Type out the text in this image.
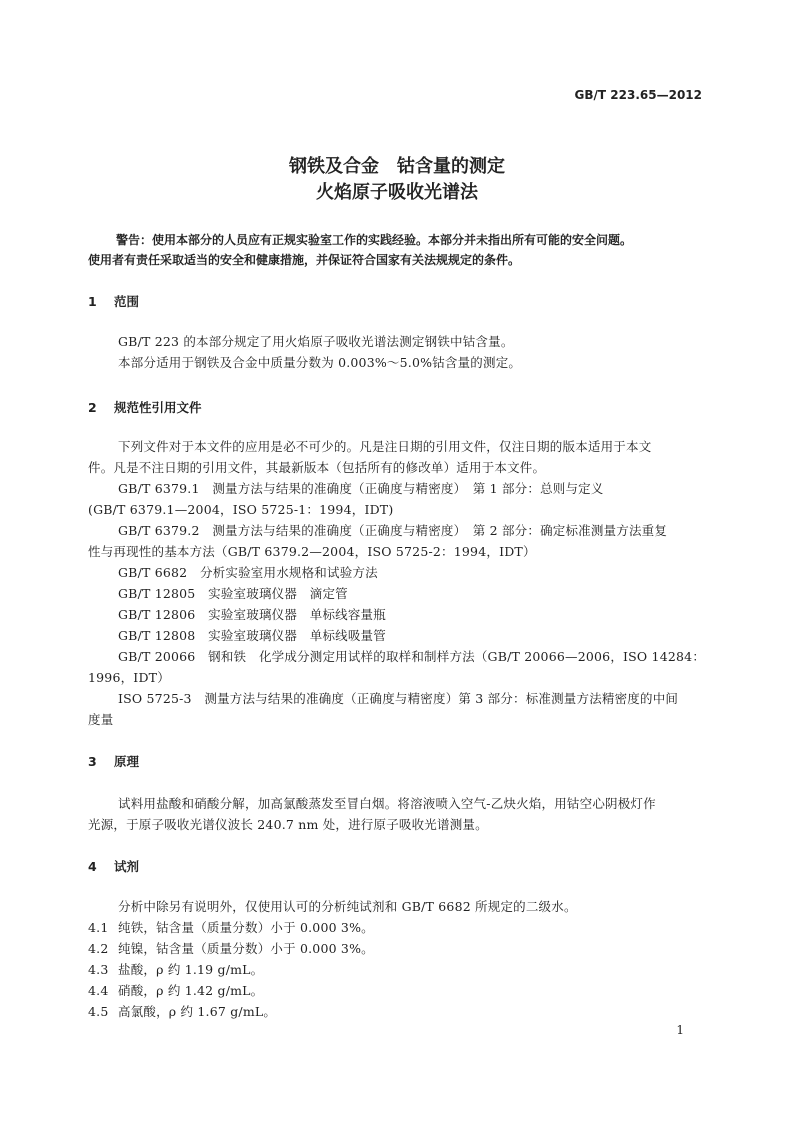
GB/T 223.65—2012
钢铁及合金　钴含量的测定
火焰原子吸收光谱法
警告：使用本部分的人员应有正规实验室工作的实践经验。本部分并未指出所有可能的安全问题。
使用者有责任采取适当的安全和健康措施，并保证符合国家有关法规规定的条件。
1 范围
GB/T 223 的本部分规定了用火焰原子吸收光谱法测定钢铁中钴含量。
本部分适用于钢铁及合金中质量分数为 0.003%～5.0%钴含量的测定。
2 规范性引用文件
下列文件对于本文件的应用是必不可少的。凡是注日期的引用文件，仅注日期的版本适用于本文
件。凡是不注日期的引用文件，其最新版本（包括所有的修改单）适用于本文件。
GB/T 6379.1　测量方法与结果的准确度（正确度与精密度）　第 1 部分：总则与定义
(GB/T 6379.1—2004，ISO 5725-1：1994，IDT)
GB/T 6379.2　测量方法与结果的准确度（正确度与精密度）　第 2 部分：确定标准测量方法重复
性与再现性的基本方法（GB/T 6379.2—2004，ISO 5725-2：1994，IDT）
GB/T 6682　分析实验室用水规格和试验方法
GB/T 12805　实验室玻璃仪器　滴定管
GB/T 12806　实验室玻璃仪器　单标线容量瓶
GB/T 12808　实验室玻璃仪器　单标线吸量管
GB/T 20066　钢和铁　化学成分测定用试样的取样和制样方法（GB/T 20066—2006，ISO 14284：
1996，IDT）
ISO 5725-3　测量方法与结果的准确度（正确度与精密度）第 3 部分：标准测量方法精密度的中间
度量
3 原理
试料用盐酸和硝酸分解，加高氯酸蒸发至冒白烟。将溶液喷入空气-乙炔火焰，用钴空心阴极灯作
光源，于原子吸收光谱仪波长 240.7 nm 处，进行原子吸收光谱测量。
4 试剂
分析中除另有说明外，仅使用认可的分析纯试剂和 GB/T 6682 所规定的二级水。
4.1 纯铁，钴含量（质量分数）小于 0.000 3%。
4.2 纯镍，钴含量（质量分数）小于 0.000 3%。
4.3 盐酸，ρ 约 1.19 g/mL。
4.4 硝酸，ρ 约 1.42 g/mL。
4.5 高氯酸，ρ 约 1.67 g/mL。
1
